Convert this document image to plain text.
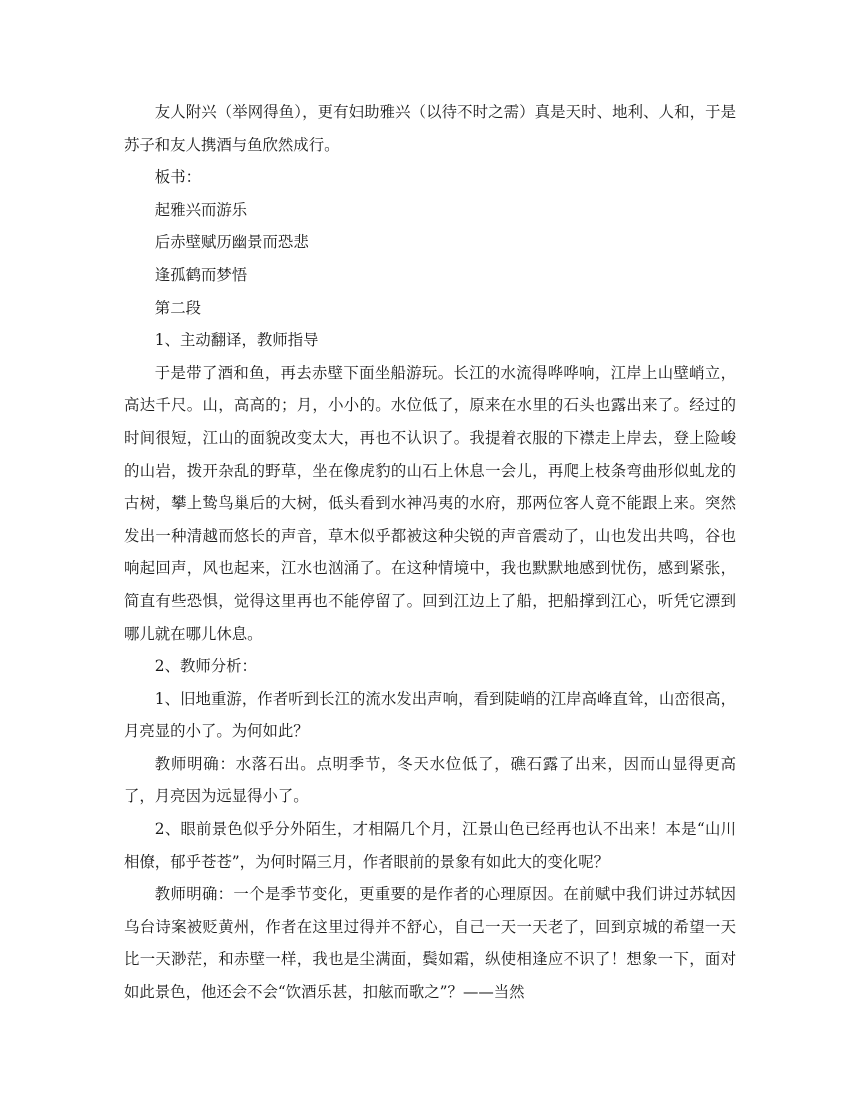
友人附兴（举网得鱼），更有妇助雅兴（以待不时之需）真是天时、地利、人和，于是苏子和友人携酒与鱼欣然成行。

板书：

起雅兴而游乐

后赤壁赋历幽景而恐悲

逢孤鹤而梦悟

第二段

1、主动翻译，教师指导

于是带了酒和鱼，再去赤壁下面坐船游玩。长江的水流得哗哗响，江岸上山壁峭立，高达千尺。山，高高的；月，小小的。水位低了，原来在水里的石头也露出来了。经过的时间很短，江山的面貌改变太大，再也不认识了。我提着衣服的下襟走上岸去，登上险峻的山岩，拨开杂乱的野草，坐在像虎豹的山石上休息一会儿，再爬上枝条弯曲形似虬龙的古树，攀上鸷鸟巢后的大树，低头看到水神冯夷的水府，那两位客人竟不能跟上来。突然发出一种清越而悠长的声音，草木似乎都被这种尖锐的声音震动了，山也发出共鸣，谷也响起回声，风也起来，江水也汹涌了。在这种情境中，我也默默地感到忧伤，感到紧张，简直有些恐惧，觉得这里再也不能停留了。回到江边上了船，把船撑到江心，听凭它漂到哪儿就在哪儿休息。

2、教师分析：

1、旧地重游，作者听到长江的流水发出声响，看到陡峭的江岸高峰直耸，山峦很高，月亮显的小了。为何如此？

教师明确：水落石出。点明季节，冬天水位低了，礁石露了出来，因而山显得更高了，月亮因为远显得小了。

2、眼前景色似乎分外陌生，才相隔几个月，江景山色已经再也认不出来！本是“山川相僚，郁乎苍苍”，为何时隔三月，作者眼前的景象有如此大的变化呢？

教师明确：一个是季节变化，更重要的是作者的心理原因。在前赋中我们讲过苏轼因乌台诗案被贬黄州，作者在这里过得并不舒心，自己一天一天老了，回到京城的希望一天比一天渺茫，和赤壁一样，我也是尘满面，鬓如霜，纵使相逢应不识了！想象一下，面对如此景色，他还会不会“饮酒乐甚，扣舷而歌之”？——当然
